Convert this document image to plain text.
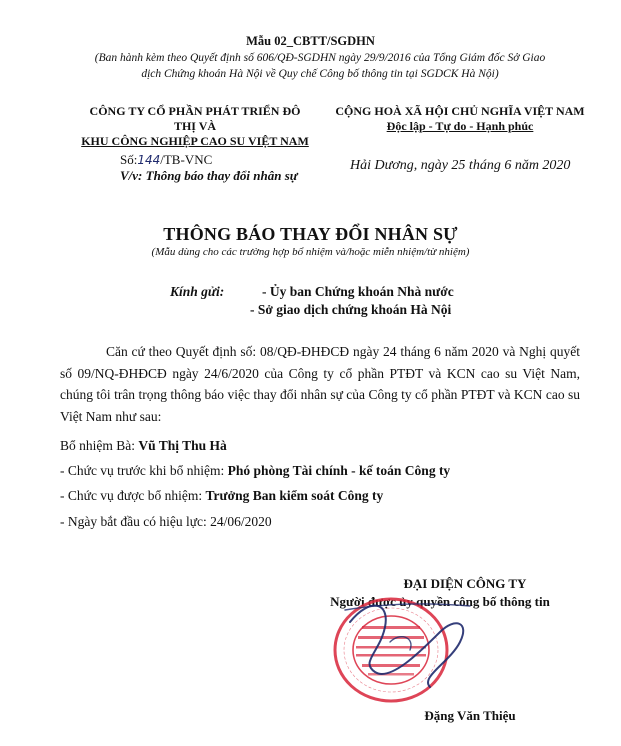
Mẫu 02_CBTT/SGDHN
(Ban hành kèm theo Quyết định số 606/QĐ-SGDHN ngày 29/9/2016 của Tổng Giám đốc Sở Giao dịch Chứng khoán Hà Nội về Quy chế Công bố thông tin tại SGDCK Hà Nội)
CÔNG TY CỔ PHẦN PHÁT TRIỂN ĐÔ THỊ VÀ
KHU CÔNG NGHIỆP CAO SU VIỆT NAM
CỘNG HOÀ XÃ HỘI CHỦ NGHĨA VIỆT NAM
Độc lập - Tự do - Hạnh phúc
Số:144/TB-VNC
V/v: Thông báo thay đổi nhân sự
Hải Dương, ngày 25 tháng 6 năm 2020
THÔNG BÁO THAY ĐỔI NHÂN SỰ
(Mẫu dùng cho các trường hợp bổ nhiệm và/hoặc miễn nhiệm/từ nhiệm)
Kính gửi:	- Ủy ban Chứng khoán Nhà nước
- Sở giao dịch chứng khoán Hà Nội
Căn cứ theo Quyết định số: 08/QĐ-ĐHĐCĐ ngày 24 tháng 6 năm 2020 và Nghị quyết số 09/NQ-ĐHĐCĐ ngày 24/6/2020 của Công ty cổ phần PTĐT và KCN cao su Việt Nam, chúng tôi trân trọng thông báo việc thay đổi nhân sự của Công ty cổ phần PTĐT và KCN cao su Việt Nam như sau:
Bổ nhiệm Bà: Vũ Thị Thu Hà
- Chức vụ trước khi bổ nhiệm: Phó phòng Tài chính - kế toán Công ty
- Chức vụ được bổ nhiệm: Trưởng Ban kiểm soát Công ty
- Ngày bắt đầu có hiệu lực: 24/06/2020
ĐẠI DIỆN CÔNG TY
Người được ủy quyền công bố thông tin
Đặng Văn Thiệu
